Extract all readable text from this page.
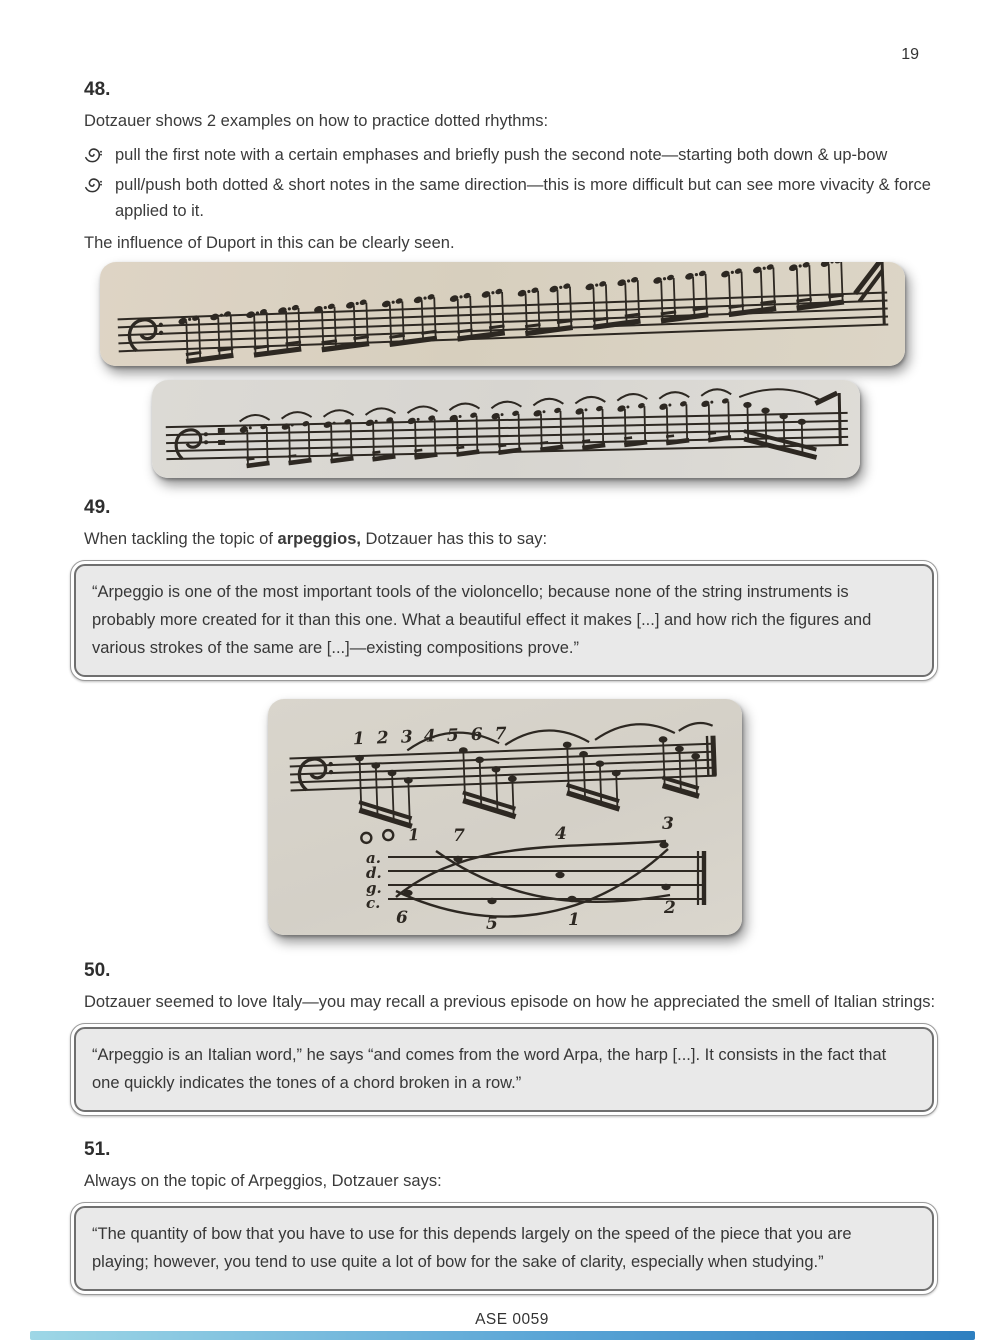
19
48.
Dotzauer shows 2 examples on how to practice dotted rhythms:
pull the first note with a certain emphases and briefly push the second note—starting both down & up-bow
pull/push both dotted & short notes in the same direction—this is more difficult but can see more vivacity & force applied to it.
The influence of Duport in this can be clearly seen.
49.
When tackling the topic of arpeggios, Dotzauer has this to say:
“Arpeggio is one of the most important tools of the violoncello; because none of the string instruments is probably more created for it than this one. What a beautiful effect it makes [...] and how rich the figures and various strokes of the same are [...]—existing compositions prove.”
1 2 3 4 5 6 7
1
a.
d.
g.
c.
7	4	3
6	5	1
2
50.
Dotzauer seemed to love Italy—you may recall a previous episode on how he appreciated the smell of Italian strings:
“Arpeggio is an Italian word,” he says “and comes from the word Arpa, the harp [...]. It consists in the fact that one quickly indicates the tones of a chord broken in a row.”
51.
Always on the topic of Arpeggios, Dotzauer says:
“The quantity of bow that you have to use for this depends largely on the speed of the piece that you are playing; however, you tend to use quite a lot of bow for the sake of clarity, especially when studying.”
ASE 0059
